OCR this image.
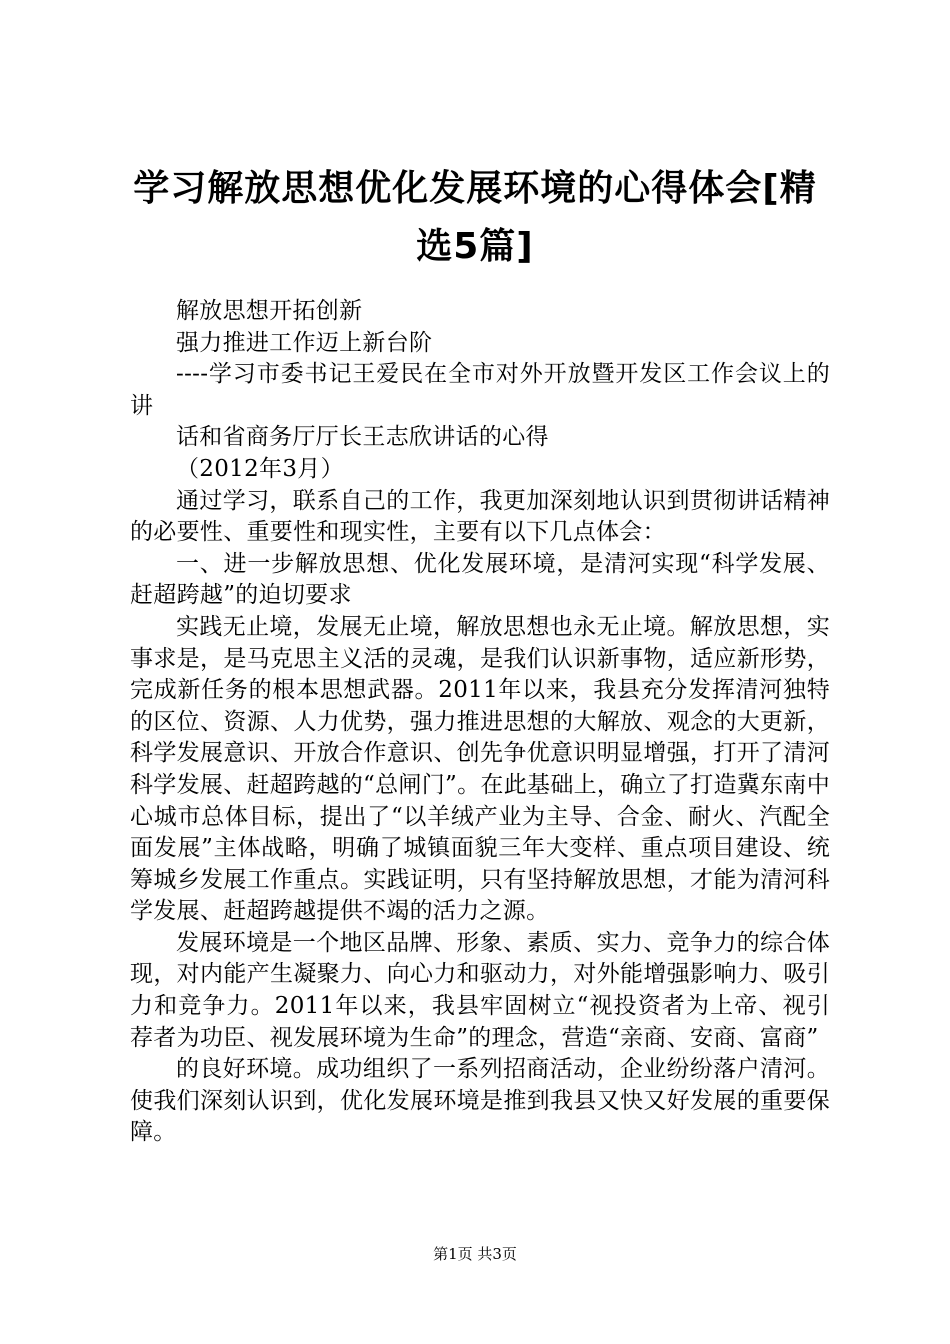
学习解放思想优化发展环境的心得体会[精选5篇]

解放思想开拓创新

强力推进工作迈上新台阶

----学习市委书记王爱民在全市对外开放暨开发区工作会议上的讲

话和省商务厅厅长王志欣讲话的心得

（2012年3月）

通过学习，联系自己的工作，我更加深刻地认识到贯彻讲话精神的必要性、重要性和现实性，主要有以下几点体会：

一、进一步解放思想、优化发展环境，是清河实现“科学发展、赶超跨越”的迫切要求

实践无止境，发展无止境，解放思想也永无止境。解放思想，实事求是，是马克思主义活的灵魂，是我们认识新事物，适应新形势，完成新任务的根本思想武器。2011年以来，我县充分发挥清河独特的区位、资源、人力优势，强力推进思想的大解放、观念的大更新，科学发展意识、开放合作意识、创先争优意识明显增强，打开了清河科学发展、赶超跨越的“总闸门”。在此基础上，确立了打造冀东南中心城市总体目标，提出了“以羊绒产业为主导、合金、耐火、汽配全面发展”主体战略，明确了城镇面貌三年大变样、重点项目建设、统筹城乡发展工作重点。实践证明，只有坚持解放思想，才能为清河科学发展、赶超跨越提供不竭的活力之源。

发展环境是一个地区品牌、形象、素质、实力、竞争力的综合体现，对内能产生凝聚力、向心力和驱动力，对外能增强影响力、吸引力和竞争力。2011年以来，我县牢固树立“视投资者为上帝、视引荐者为功臣、视发展环境为生命”的理念，营造“亲商、安商、富商”

的良好环境。成功组织了一系列招商活动，企业纷纷落户清河。使我们深刻认识到，优化发展环境是推到我县又快又好发展的重要保障。

第1页 共3页
